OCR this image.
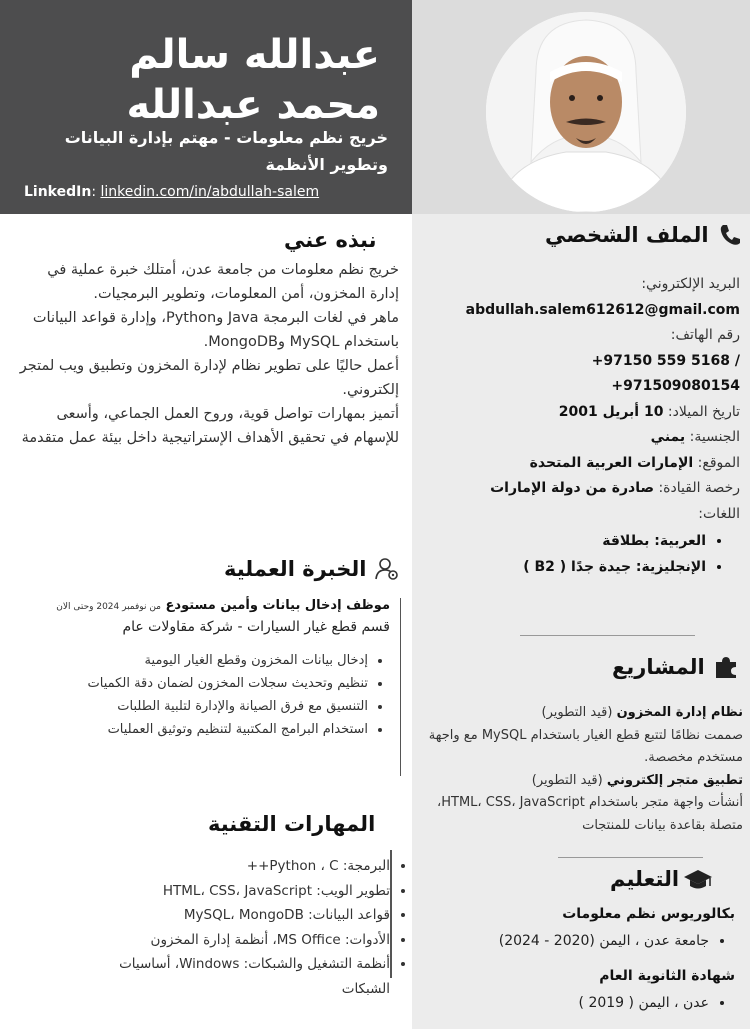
عبدالله سالم محمد عبدالله
خريج نظم معلومات - مهتم بإدارة البيانات وتطوير الأنظمة
LinkedIn: linkedin.com/in/abdullah-salem
نبذه عني

خريج نظم معلومات من جامعة عدن، أمتلك خبرة عملية في إدارة المخزون، أمن المعلومات، وتطوير البرمجيات.

ماهر في لغات البرمجة Java وPython، وإدارة قواعد البيانات باستخدام MySQL وMongoDB.

أعمل حاليًا على تطوير نظام لإدارة المخزون وتطبيق ويب لمتجر إلكتروني.

أتميز بمهارات تواصل قوية، وروح العمل الجماعي، وأسعى للإسهام في تحقيق الأهداف الإستراتيجية داخل بيئة عمل متقدمة

الملف الشخصي
البريد الإلكتروني:
abdullah.salem612612@gmail.com
رقم الهاتف:
+97150 559 5168 /
+971509080154
تاريخ الميلاد: 10 أبريل 2001
الجنسية: يمني
الموقع: الإمارات العربية المتحدة
رخصة القيادة: صادرة من دولة الإمارات
اللغات:
• العربية: بطلاقة
• الإنجليزية: جيدة جدًا ( B2 )
الخبرة العملية
موظف إدخال بيانات وأمين مستودع من نوفمبر 2024 وحتى الان
قسم قطع غيار السيارات - شركة مقاولات عام
• إدخال بيانات المخزون وقطع الغيار اليومية
• تنظيم وتحديث سجلات المخزون لضمان دقة الكميات
• التنسيق مع فرق الصيانة والإدارة لتلبية الطلبات
• استخدام البرامج المكتبية لتنظيم وتوثيق العمليات
المهارات التقنية
• البرمجة: Python ، C++
• تطوير الويب: HTML، CSS، JavaScript
• قواعد البيانات: MySQL، MongoDB
• الأدوات: MS Office، أنظمة إدارة المخزون
• أنظمة التشغيل والشبكات: Windows، أساسيات الشبكات
المشاريع
• نظام إدارة المخزون (قيد التطوير)
صممت نظامًا لتتبع قطع الغيار باستخدام MySQL مع واجهة مستخدم مخصصة.
• تطبيق متجر إلكتروني (قيد التطوير)
أنشأت واجهة متجر باستخدام HTML، CSS، JavaScript، متصلة بقاعدة بيانات للمنتجات
التعليم

بكالوريوس نظم معلومات

• جامعة عدن ، اليمن (2020 - 2024)

شهادة الثانوية العام

• عدن ، اليمن ( 2019 )
